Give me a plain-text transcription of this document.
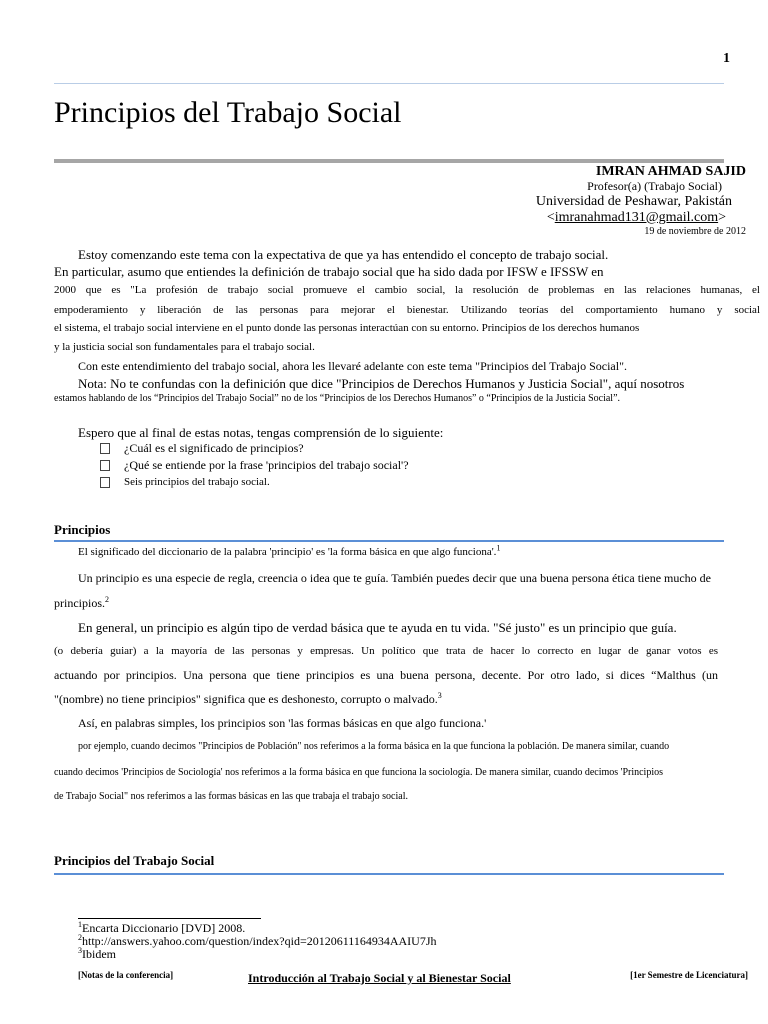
1
Principios del Trabajo Social
IMRAN AHMAD SAJID
Profesor(a) (Trabajo Social)
Universidad de Peshawar, Pakistán
<imranahmad131@gmail.com>
19 de noviembre de 2012
Estoy comenzando este tema con la expectativa de que ya has entendido el concepto de trabajo social.
En particular, asumo que entiendes la definición de trabajo social que ha sido dada por IFSW e IFSSW en
2000 que es "La profesión de trabajo social promueve el cambio social, la resolución de problemas en las relaciones humanas, el
empoderamiento y liberación de las personas para mejorar el bienestar. Utilizando teorías del comportamiento humano y social
el sistema, el trabajo social interviene en el punto donde las personas interactúan con su entorno. Principios de los derechos humanos
y la justicia social son fundamentales para el trabajo social.
Con este entendimiento del trabajo social, ahora les llevaré adelante con este tema "Principios del Trabajo Social".
Nota: No te confundas con la definición que dice "Principios de Derechos Humanos y Justicia Social", aquí nosotros
estamos hablando de los “Principios del Trabajo Social” no de los “Principios de los Derechos Humanos” o “Principios de la Justicia Social”.
Espero que al final de estas notas, tengas comprensión de lo siguiente:
¿Cuál es el significado de principios?
¿Qué se entiende por la frase 'principios del trabajo social'?
Seis principios del trabajo social.
Principios
El significado del diccionario de la palabra 'principio' es 'la forma básica en que algo funciona'.$^1$
Un principio es una especie de regla, creencia o idea que te guía. También puedes decir que una buena persona ética tiene mucho de
principios.$^2$
En general, un principio es algún tipo de verdad básica que te ayuda en tu vida. "Sé justo" es un principio que guía.
(o debería guiar) a la mayoría de las personas y empresas. Un político que trata de hacer lo correcto en lugar de ganar votos es
actuando por principios. Una persona que tiene principios es una buena persona, decente. Por otro lado, si dices “Malthus (un
"(nombre) no tiene principios" significa que es deshonesto, corrupto o malvado.$^3$
Así, en palabras simples, los principios son 'las formas básicas en que algo funciona.'
por ejemplo, cuando decimos "Principios de Población" nos referimos a la forma básica en la que funciona la población. De manera similar, cuando
cuando decimos 'Principios de Sociología' nos referimos a la forma básica en que funciona la sociología. De manera similar, cuando decimos 'Principios
de Trabajo Social" nos referimos a las formas básicas en las que trabaja el trabajo social.
Principios del Trabajo Social
$^1$Encarta Diccionario [DVD] 2008.
$^2$http://answers.yahoo.com/question/index?qid=20120611164934AAIU7Jh
$^3$Ibidem
[Notas de la conferencia]	Introducción al Trabajo Social y al Bienestar Social	[1er Semestre de Licenciatura]
